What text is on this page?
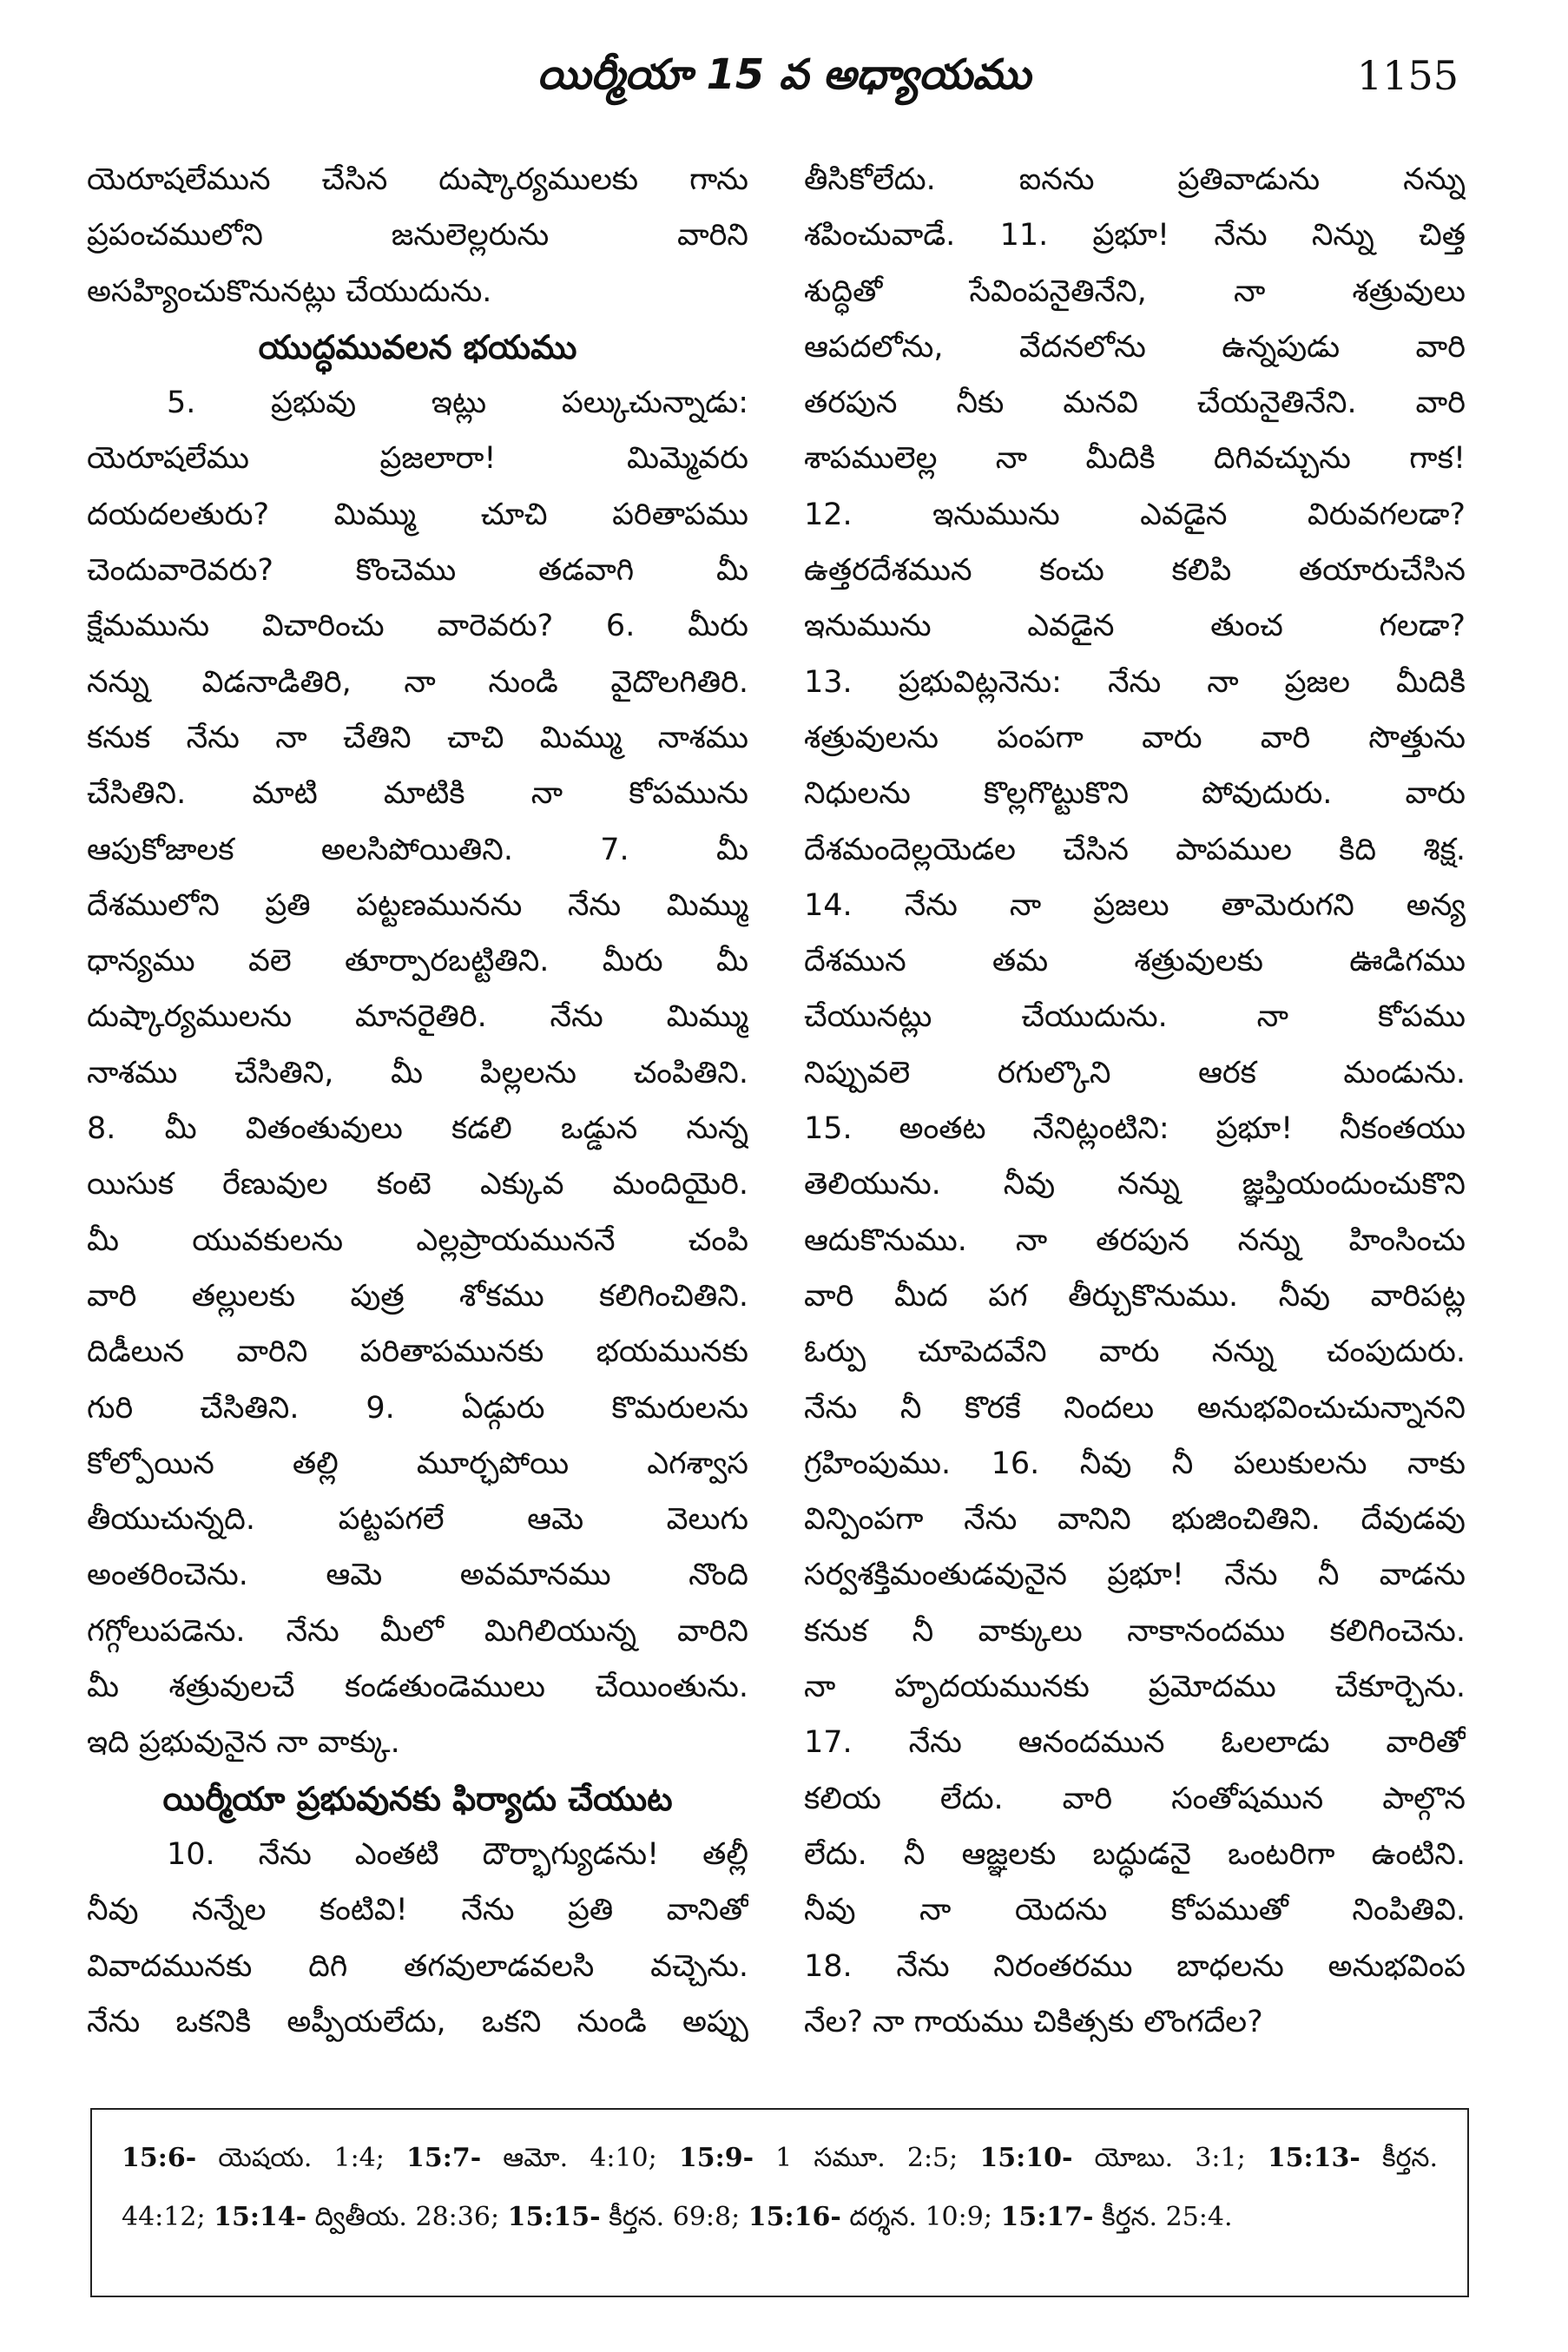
యిర్మీయా 15 వ అధ్యాయము	1155
యెరూషలేమున చేసిన దుష్కార్యములకు గాను
ప్రపంచములోని జనులెల్లరును వారిని
అసహ్యించుకొనునట్లు చేయుదును.
యుద్ధమువలన భయము
5. ప్రభువు ఇట్లు పల్కుచున్నాడు:
యెరూషలేము ప్రజలారా! మిమ్మెవరు
దయదలతురు? మిమ్ము చూచి పరితాపము
చెందువారెవరు? కొంచెము తడవాగి మీ
క్షేమమును విచారించు వారెవరు? 6. మీరు
నన్ను విడనాడితిరి, నా నుండి వైదొలగితిరి.
కనుక నేను నా చేతిని చాచి మిమ్ము నాశము
చేసితిని. మాటి మాటికి నా కోపమును
ఆపుకోజాలక అలసిపోయితిని. 7. మీ
దేశములోని ప్రతి పట్టణమునను నేను మిమ్ము
ధాన్యము వలె తూర్పారబట్టితిని. మీరు మీ
దుష్కార్యములను మానరైతిరి. నేను మిమ్ము
నాశము చేసితిని, మీ పిల్లలను చంపితిని.
8. మీ వితంతువులు కడలి ఒడ్డున నున్న
యిసుక రేణువుల కంటె ఎక్కువ మందియైరి.
మీ యువకులను ఎల్లప్రాయముననే చంపి
వారి తల్లులకు పుత్ర శోకము కలిగించితిని.
దిడీలున వారిని పరితాపమునకు భయమునకు
గురి చేసితిని. 9. ఏడ్గురు కొమరులను
కోల్పోయిన తల్లి మూర్ఛపోయి ఎగశ్వాస
తీయుచున్నది. పట్టపగలే ఆమె వెలుగు
అంతరించెను. ఆమె అవమానము నొంది
గగ్గోలుపడెను. నేను మీలో మిగిలియున్న వారిని
మీ శత్రువులచే కండతుండెములు చేయింతును.
ఇది ప్రభువునైన నా వాక్కు.
యిర్మీయా ప్రభువునకు ఫిర్యాదు చేయుట
10. నేను ఎంతటి దౌర్భాగ్యుడను! తల్లీ
నీవు నన్నేల కంటివి! నేను ప్రతి వానితో
వివాదమునకు దిగి తగవులాడవలసి వచ్చెను.
నేను ఒకనికి అప్పీయలేదు, ఒకని నుండి అప్పు
తీసికోలేదు. ఐనను ప్రతివాడును నన్ను
శపించువాడే. 11. ప్రభూ! నేను నిన్ను చిత్త
శుద్ధితో సేవింపనైతినేని, నా శత్రువులు
ఆపదలోను, వేదనలోను ఉన్నపుడు వారి
తరపున నీకు మనవి చేయనైతినేని. వారి
శాపములెల్ల నా మీదికి దిగివచ్చును గాక!
12. ఇనుమును ఎవడైన విరువగలడా?
ఉత్తరదేశమున కంచు కలిపి తయారుచేసిన
ఇనుమును ఎవడైన తుంచ గలడా?
13. ప్రభువిట్లనెను: నేను నా ప్రజల మీదికి
శత్రువులను పంపగా వారు వారి సొత్తును
నిధులను కొల్లగొట్టుకొని పోవుదురు. వారు
దేశమందెల్లయెడల చేసిన పాపముల కిది శిక్ష.
14. నేను నా ప్రజలు తామెరుగని అన్య
దేశమున తమ శత్రువులకు ఊడిగము
చేయునట్లు చేయుదును. నా కోపము
నిప్పువలె రగుల్కొని ఆరక మండును.
15. అంతట నేనిట్లంటిని: ప్రభూ! నీకంతయు
తెలియును. నీవు నన్ను జ్ఞప్తియందుంచుకొని
ఆదుకొనుము. నా తరపున నన్ను హింసించు
వారి మీద పగ తీర్చుకొనుము. నీవు వారిపట్ల
ఓర్పు చూపెదవేని వారు నన్ను చంపుదురు.
నేను నీ కొరకే నిందలు అనుభవించుచున్నానని
గ్రహింపుము. 16. నీవు నీ పలుకులను నాకు
విన్పింపగా నేను వానిని భుజించితిని. దేవుడవు
సర్వశక్తిమంతుడవునైన ప్రభూ! నేను నీ వాడను
కనుక నీ వాక్కులు నాకానందము కలిగించెను.
నా హృదయమునకు ప్రమోదము చేకూర్చెను.
17. నేను ఆనందమున ఓలలాడు వారితో
కలియ లేదు. వారి సంతోషమున పాల్గొన
లేదు. నీ ఆజ్ఞలకు బద్ధుడనై ఒంటరిగా ఉంటిని.
నీవు నా యెదను కోపముతో నింపితివి.
18. నేను నిరంతరము బాధలను అనుభవింప
నేల? నా గాయము చికిత్సకు లొంగదేల?
15:6- యెషయ. 1:4; 15:7- ఆమో. 4:10; 15:9- 1 సమూ. 2:5; 15:10- యోబు. 3:1; 15:13- కీర్తన.
44:12; 15:14- ద్వితీయ. 28:36; 15:15- కీర్తన. 69:8; 15:16- దర్శన. 10:9; 15:17- కీర్తన. 25:4.
